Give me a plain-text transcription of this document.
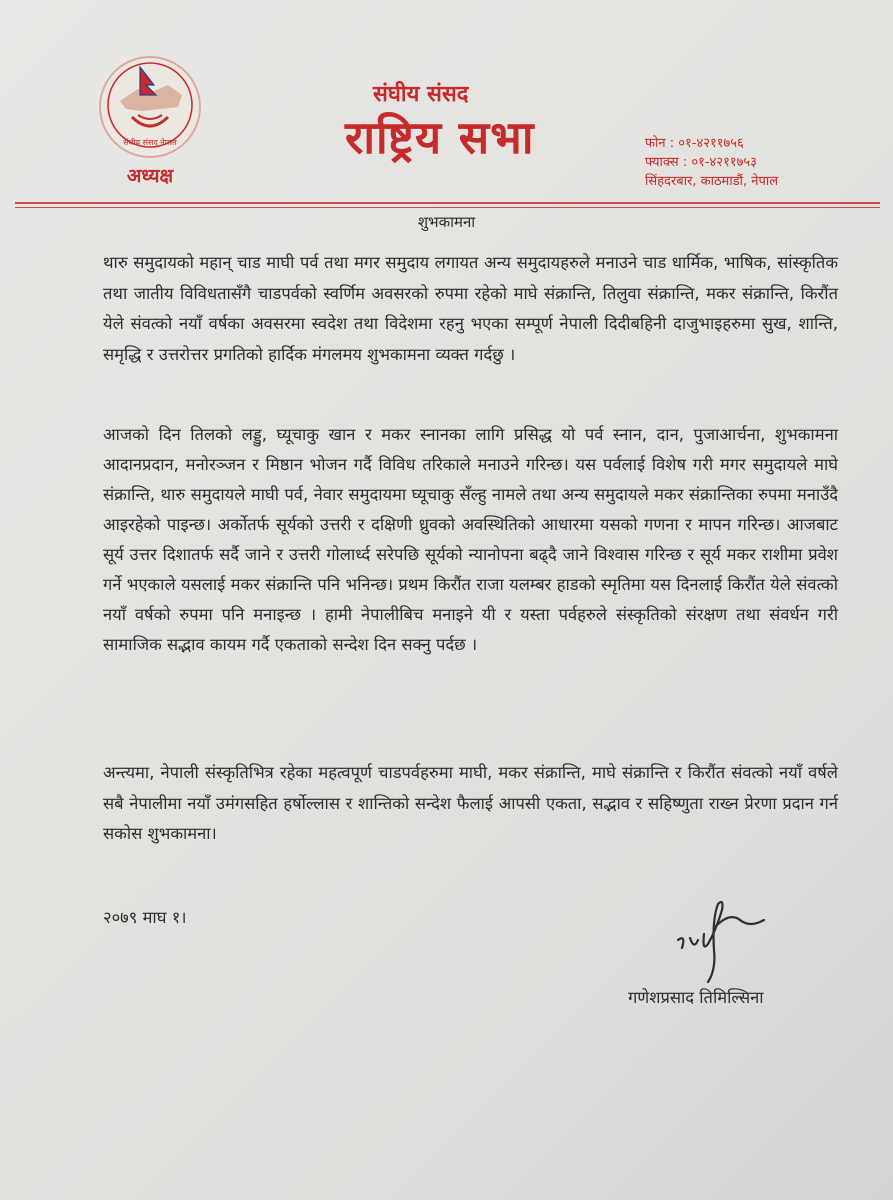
संघीय संसद नेपाल
अध्यक्ष
संघीय संसद
राष्ट्रिय सभा	फोन : ०१-४२११७५६
फ्याक्स : ०१-४२११७५३
सिंहदरबार, काठमाडौं, नेपाल
शुभकामना

थारु समुदायको महान् चाड माघी पर्व तथा मगर समुदाय लगायत अन्य समुदायहरुले मनाउने चाड धार्मिक, भाषिक, सांस्कृतिक तथा जातीय विविधतासँगै चाडपर्वको स्वर्णिम अवसरको रुपमा रहेको माघे संक्रान्ति, तिलुवा संक्रान्ति, मकर संक्रान्ति, किरौंत येले संवत्को नयाँ वर्षका अवसरमा स्वदेश तथा विदेशमा रहनु भएका सम्पूर्ण नेपाली दिदीबहिनी दाजुभाइहरुमा सुख, शान्ति, समृद्धि र उत्तरोत्तर प्रगतिको हार्दिक मंगलमय शुभकामना व्यक्त गर्दछु ।

आजको दिन तिलको लड्डु, घ्यूचाकु खान र मकर स्नानका लागि प्रसिद्ध यो पर्व स्नान, दान, पुजाआर्चना, शुभकामना आदानप्रदान, मनोरञ्जन र मिष्ठान भोजन गर्दै विविध तरिकाले मनाउने गरिन्छ। यस पर्वलाई विशेष गरी मगर समुदायले माघे संक्रान्ति, थारु समुदायले माघी पर्व, नेवार समुदायमा घ्यूचाकु सँल्हु नामले तथा अन्य समुदायले मकर संक्रान्तिका रुपमा मनाउँदै आइरहेको पाइन्छ। अर्कोतर्फ सूर्यको उत्तरी र दक्षिणी ध्रुवको अवस्थितिको आधारमा यसको गणना र मापन गरिन्छ। आजबाट सूर्य उत्तर दिशातर्फ सर्दै जाने र उत्तरी गोलार्ध्द सरेपछि सूर्यको न्यानोपना बढ्दै जाने विश्वास गरिन्छ र सूर्य मकर राशीमा प्रवेश गर्ने भएकाले यसलाई मकर संक्रान्ति पनि भनिन्छ। प्रथम किरौंत राजा यलम्बर हाडको स्मृतिमा यस दिनलाई किरौंत येले संवत्को नयाँ वर्षको रुपमा पनि मनाइन्छ । हामी नेपालीबिच मनाइने यी र यस्ता पर्वहरुले संस्कृतिको संरक्षण तथा संवर्धन गरी सामाजिक सद्भाव कायम गर्दै एकताको सन्देश दिन सक्नु पर्दछ ।

अन्त्यमा, नेपाली संस्कृतिभित्र रहेका महत्वपूर्ण चाडपर्वहरुमा माघी, मकर संक्रान्ति, माघे संक्रान्ति र किरौंत संवत्को नयाँ वर्षले सबै नेपालीमा नयाँ उमंगसहित हर्षोल्लास र शान्तिको सन्देश फैलाई आपसी एकता, सद्भाव र सहिष्णुता राख्न प्रेरणा प्रदान गर्न सकोस शुभकामना।

२०७९ माघ १।
गणेशप्रसाद तिमिल्सिना
